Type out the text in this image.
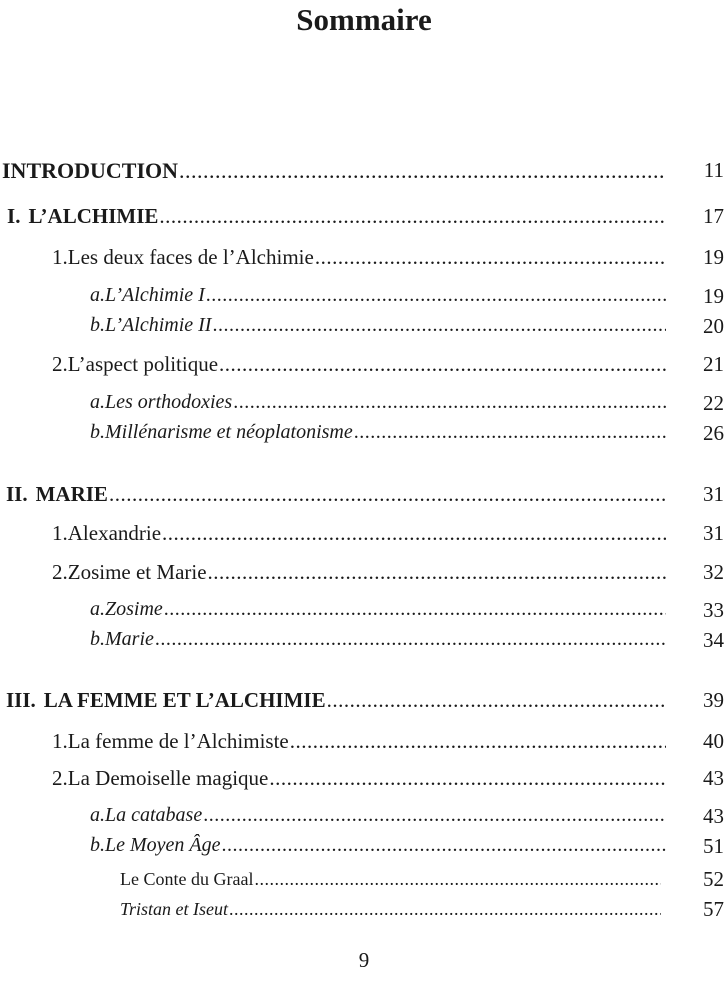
Sommaire
INTRODUCTION .....	11
I. L’ALCHIMIE .....	17
1. Les deux faces de l’Alchimie .....	19
a. L’Alchimie I .....	19
b. L’Alchimie II .....	20
2. L’aspect politique .....	21
a. Les orthodoxies .....	22
b. Millénarisme et néoplatonisme .....	26
II. MARIE .....	31
1. Alexandrie .....	31
2. Zosime et Marie .....	32
a. Zosime .....	33
b. Marie .....	34
III. LA FEMME ET L’ALCHIMIE .....	39
1. La femme de l’Alchimiste .....	40
2. La Demoiselle magique .....	43
a. La catabase .....	43
b. Le Moyen Âge .....	51
Le Conte du Graal .....	52
Tristan et Iseut .....	57
9
